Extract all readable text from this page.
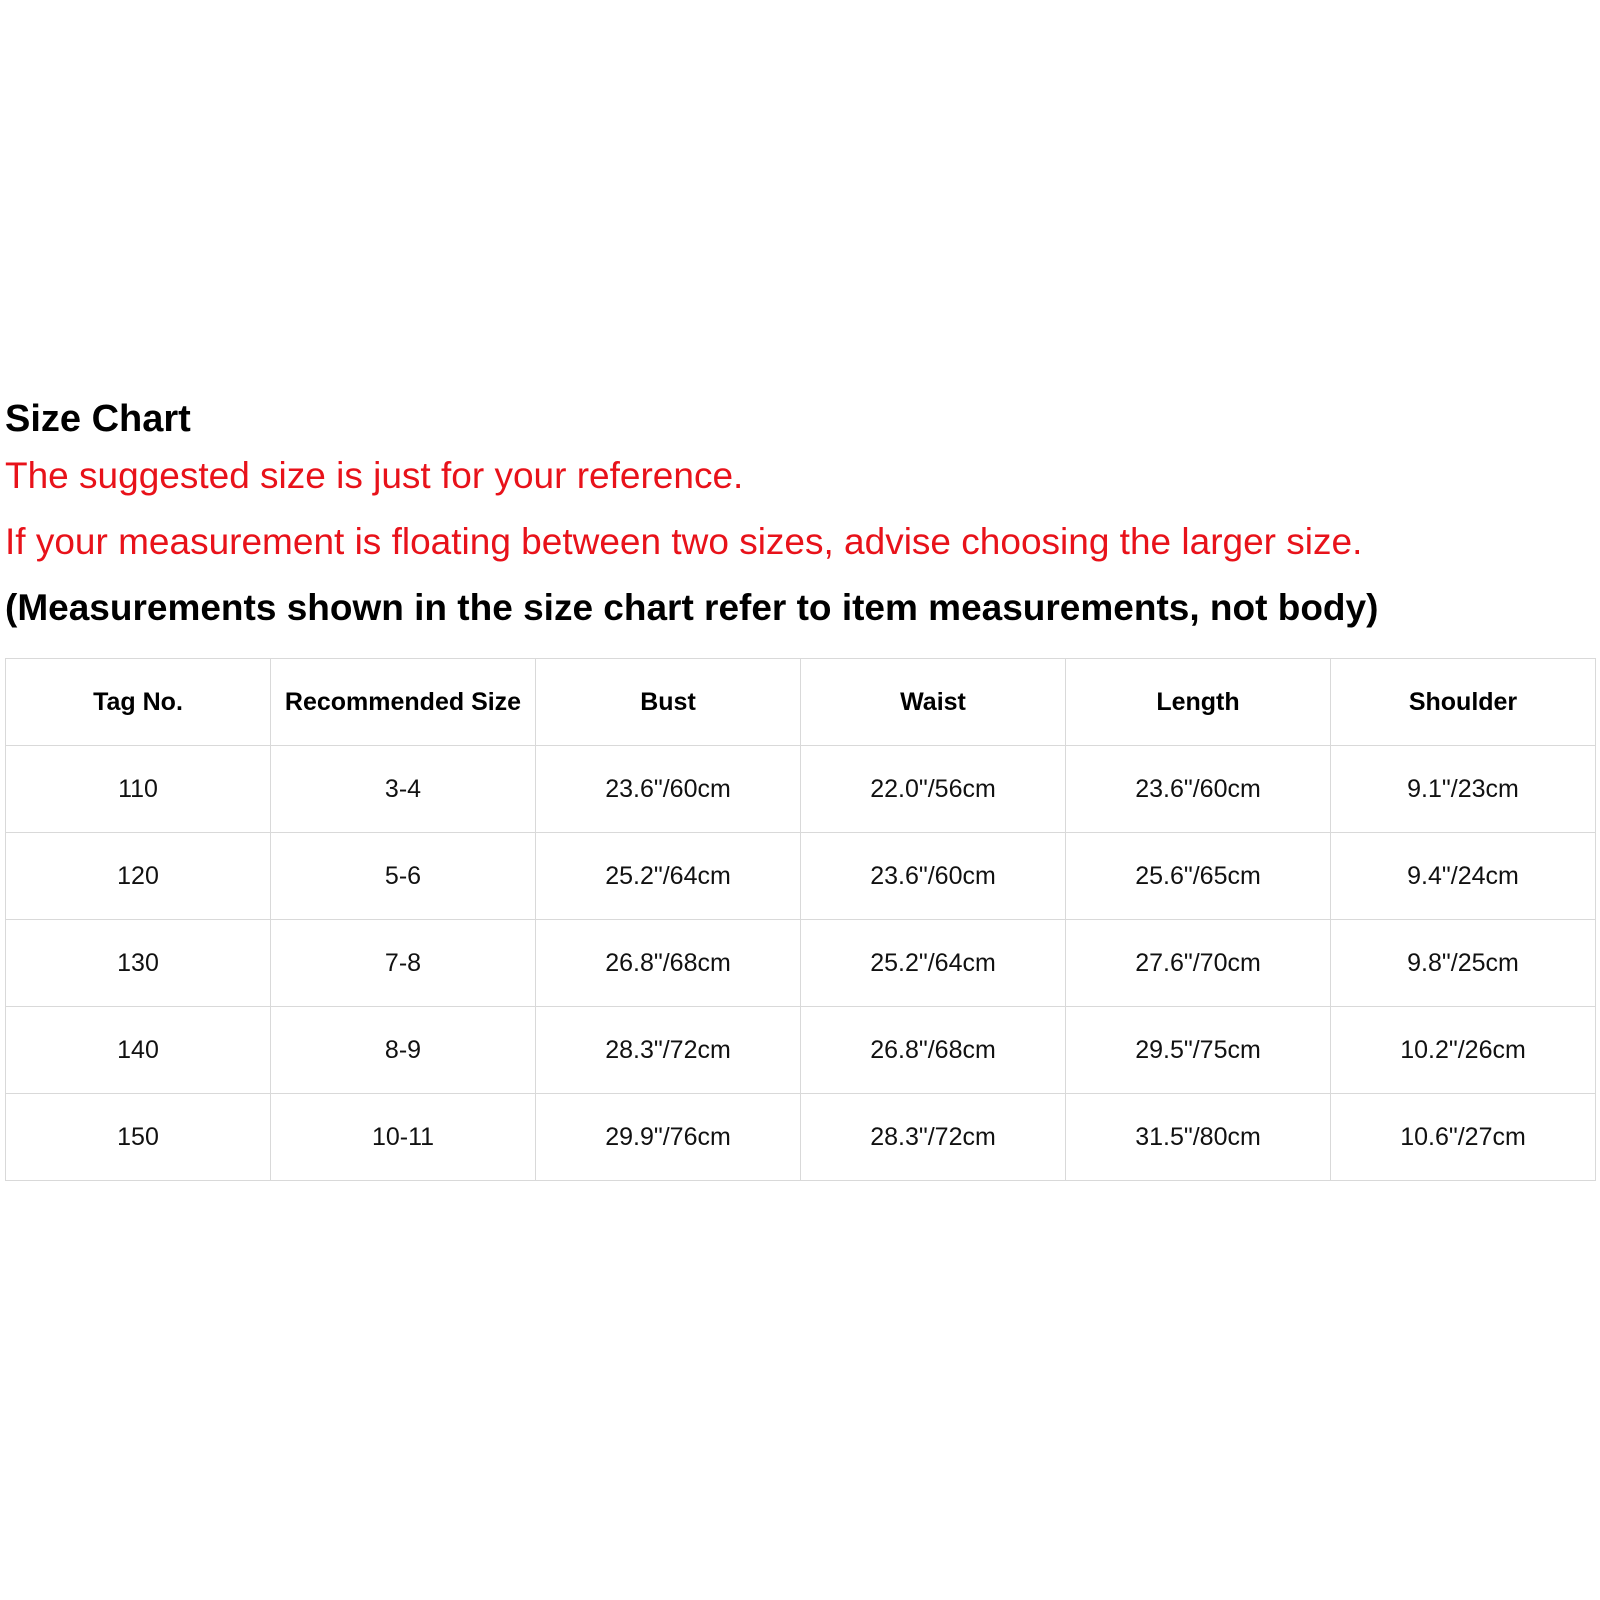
Size Chart
The suggested size is just for your reference.
If your measurement is floating between two sizes, advise choosing the larger size.
(Measurements shown in the size chart refer to item measurements, not body)
Tag No.	Recommended Size	Bust	Waist	Length	Shoulder
110	3-4	23.6"/60cm	22.0"/56cm	23.6"/60cm	9.1"/23cm
120	5-6	25.2"/64cm	23.6"/60cm	25.6"/65cm	9.4"/24cm
130	7-8	26.8"/68cm	25.2"/64cm	27.6"/70cm	9.8"/25cm
140	8-9	28.3"/72cm	26.8"/68cm	29.5"/75cm	10.2"/26cm
150	10-11	29.9"/76cm	28.3"/72cm	31.5"/80cm	10.6"/27cm
